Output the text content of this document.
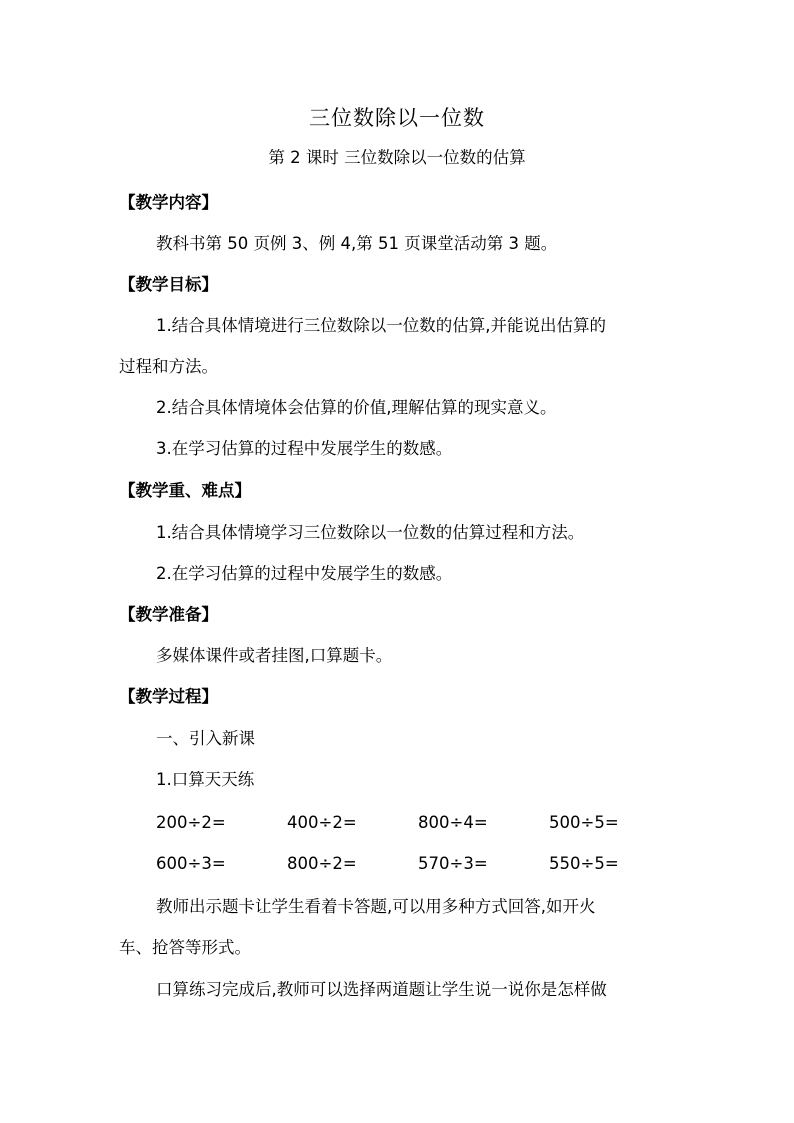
三位数除以一位数
第 2 课时 三位数除以一位数的估算
【教学内容】
教科书第 50 页例 3、例 4,第 51 页课堂活动第 3 题。
【教学目标】
1.结合具体情境进行三位数除以一位数的估算,并能说出估算的
过程和方法。
2.结合具体情境体会估算的价值,理解估算的现实意义。
3.在学习估算的过程中发展学生的数感。
【教学重、难点】
1.结合具体情境学习三位数除以一位数的估算过程和方法。
2.在学习估算的过程中发展学生的数感。
【教学准备】
多媒体课件或者挂图,口算题卡。
【教学过程】
一、引入新课
1.口算天天练
200÷2=	400÷2=	800÷4=	500÷5=
600÷3=	800÷2=	570÷3=	550÷5=
教师出示题卡让学生看着卡答题,可以用多种方式回答,如开火
车、抢答等形式。
口算练习完成后,教师可以选择两道题让学生说一说你是怎样做
